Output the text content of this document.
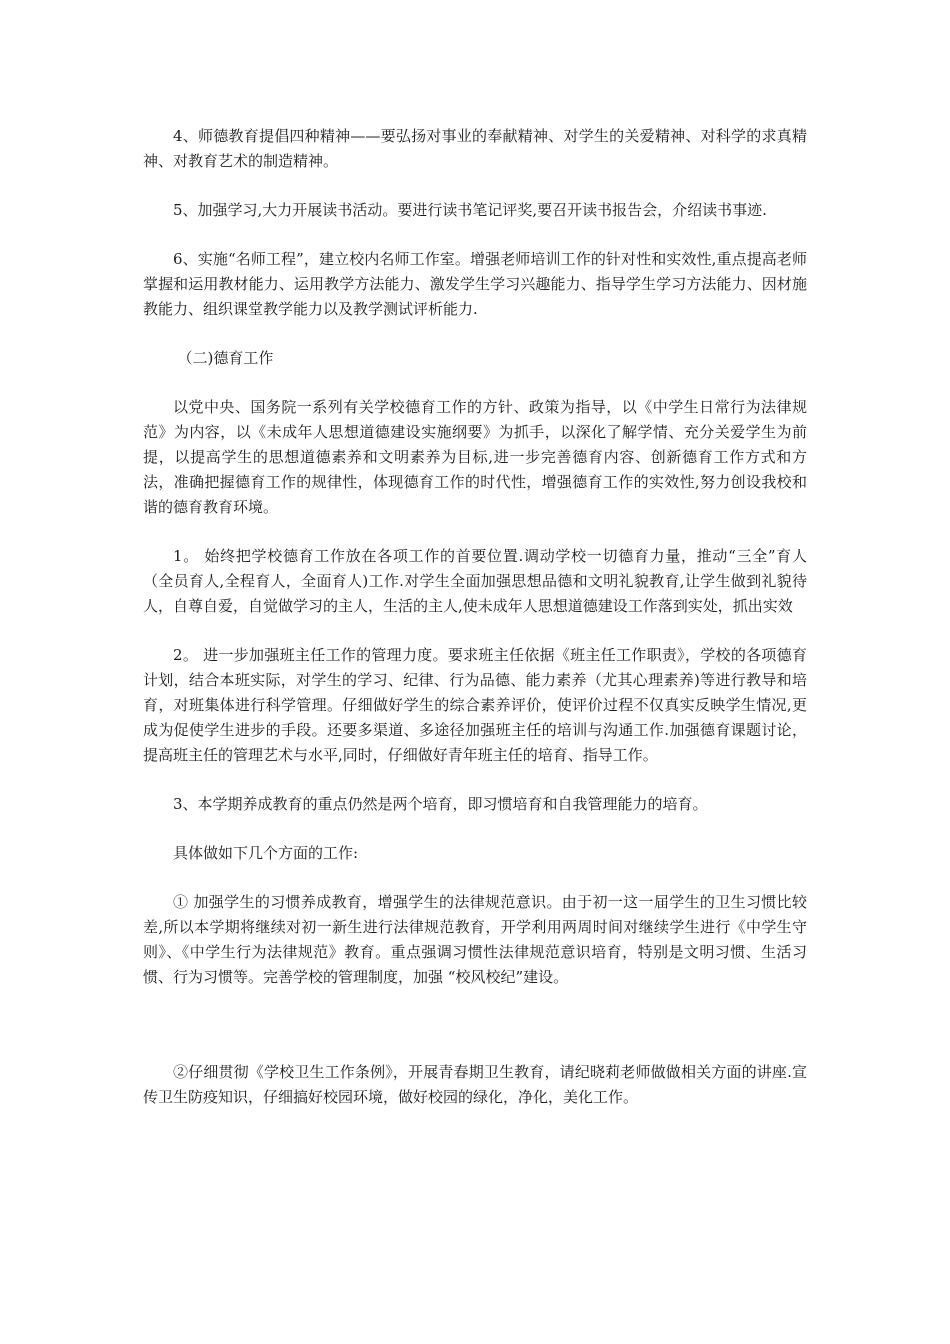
4、师德教育提倡四种精神——要弘扬对事业的奉献精神、对学生的关爱精神、对科学的求真精神、对教育艺术的制造精神。

5、加强学习,大力开展读书活动。要进行读书笔记评奖,要召开读书报告会，介绍读书事迹.

6、实施“名师工程”，建立校内名师工作室。增强老师培训工作的针对性和实效性,重点提高老师掌握和运用教材能力、运用教学方法能力、激发学生学习兴趣能力、指导学生学习方法能力、因材施教能力、组织课堂教学能力以及教学测试评析能力.

（二)德育工作

以党中央、国务院一系列有关学校德育工作的方针、政策为指导，以《中学生日常行为法律规范》为内容，以《未成年人思想道德建设实施纲要》为抓手，以深化了解学情、充分关爱学生为前提，以提高学生的思想道德素养和文明素养为目标,进一步完善德育内容、创新德育工作方式和方法，准确把握德育工作的规律性，体现德育工作的时代性，增强德育工作的实效性,努力创设我校和谐的德育教育环境。

1。 始终把学校德育工作放在各项工作的首要位置.调动学校一切德育力量，推动“三全”育人（全员育人,全程育人，全面育人)工作.对学生全面加强思想品德和文明礼貌教育,让学生做到礼貌待人，自尊自爱，自觉做学习的主人，生活的主人,使未成年人思想道德建设工作落到实处，抓出实效

2。 进一步加强班主任工作的管理力度。要求班主任依据《班主任工作职责》，学校的各项德育计划，结合本班实际，对学生的学习、纪律、行为品德、能力素养（尤其心理素养)等进行教导和培育，对班集体进行科学管理。仔细做好学生的综合素养评价，使评价过程不仅真实反映学生情况,更成为促使学生进步的手段。还要多渠道、多途径加强班主任的培训与沟通工作.加强德育课题讨论，提高班主任的管理艺术与水平,同时，仔细做好青年班主任的培育、指导工作。

3、本学期养成教育的重点仍然是两个培育，即习惯培育和自我管理能力的培育。

具体做如下几个方面的工作:

① 加强学生的习惯养成教育，增强学生的法律规范意识。由于初一这一届学生的卫生习惯比较差,所以本学期将继续对初一新生进行法律规范教育，开学利用两周时间对继续学生进行《中学生守则》、《中学生行为法律规范》教育。重点强调习惯性法律规范意识培育，特别是文明习惯、生活习惯、行为习惯等。完善学校的管理制度，加强 “校风校纪”建设。

②仔细贯彻《学校卫生工作条例》，开展青春期卫生教育，请纪晓莉老师做做相关方面的讲座.宣传卫生防疫知识，仔细搞好校园环境，做好校园的绿化，净化，美化工作。
